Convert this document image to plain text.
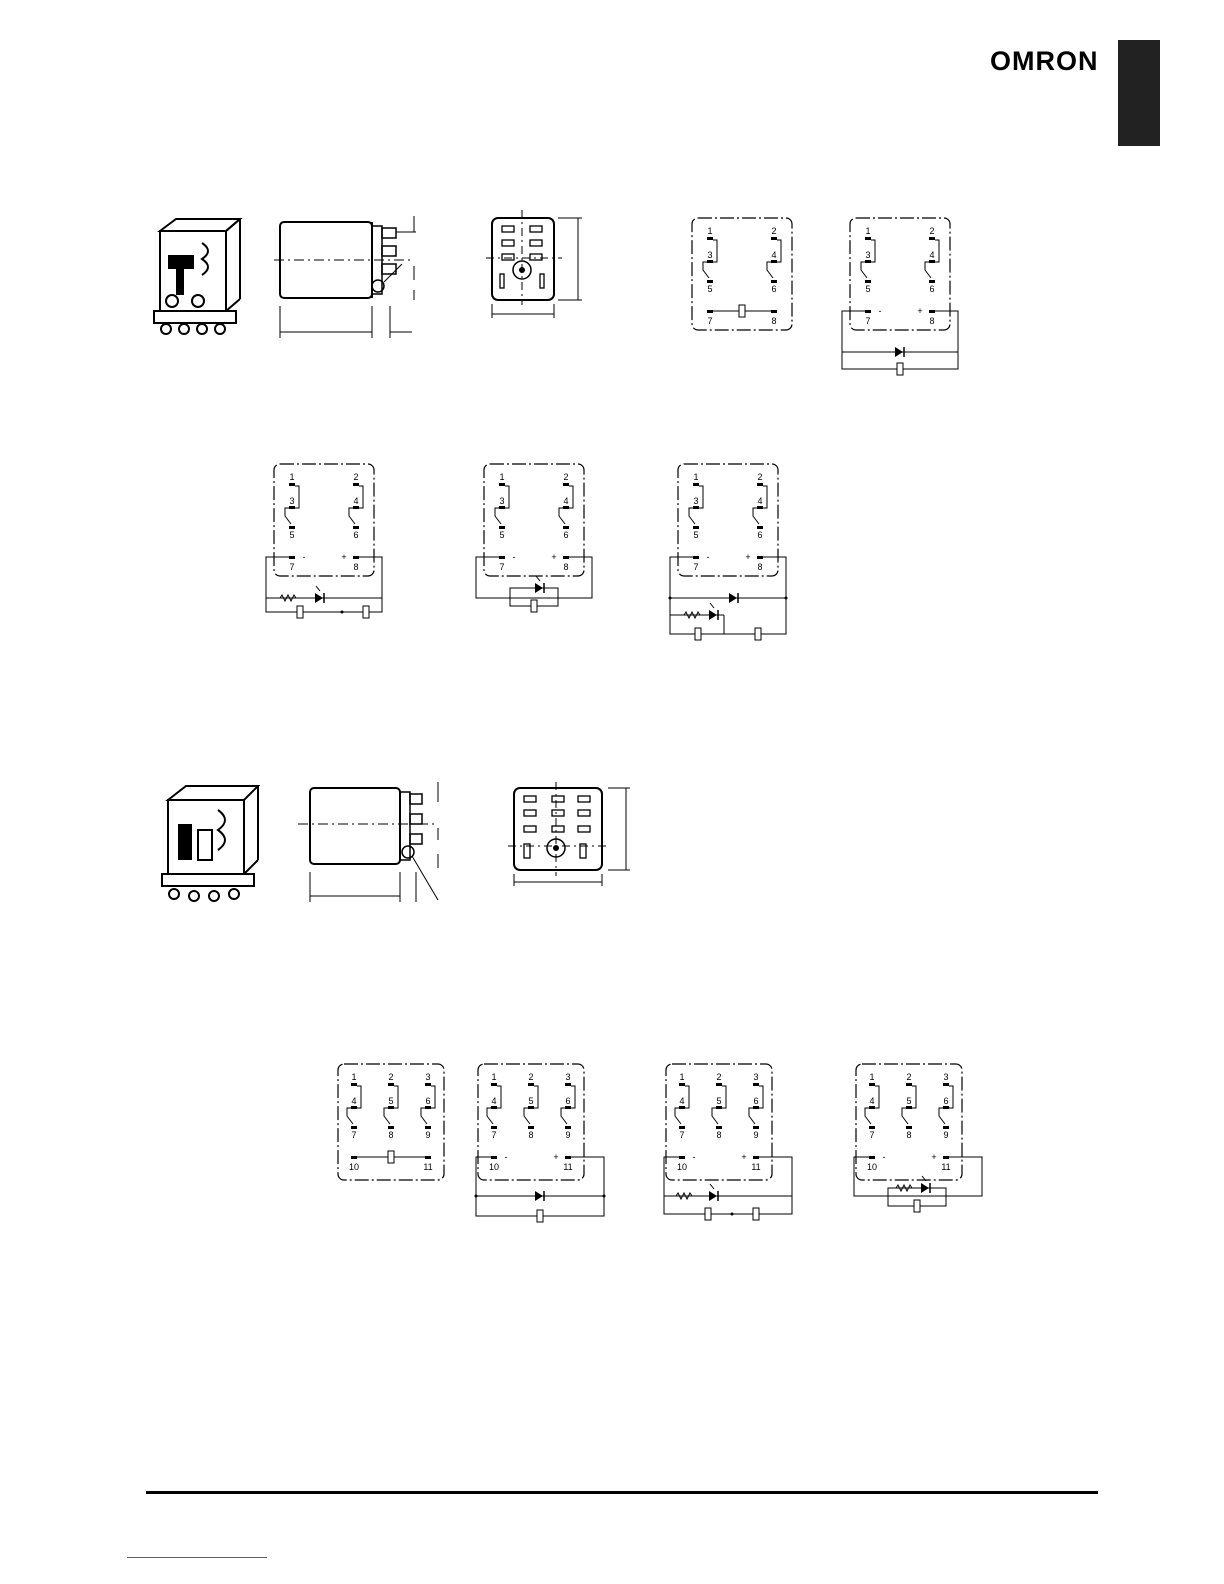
OMRON
1
3
5
2
4
6
7	8
1
3
5
2
4
6
7	8
-	+
1
3
5
2
4
6
7	8
-	+
1
3
5
2
4
6
7	8
-	+
1
3
5
2
4
6
7	8
-	+
1
4
7
2
5
8
3
6
9
10	11
1
4
7
2
5
8
3
6
9
10	11
-	+
1
4
7
2
5
8
3
6
9
10	11
-	+
1
4
7
2
5
8
3
6
9
10	11
-	+
